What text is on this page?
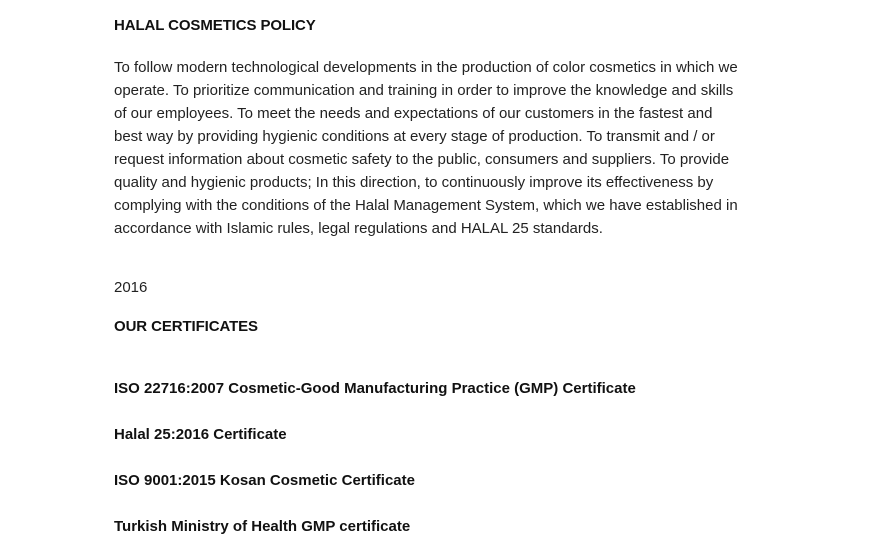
HALAL COSMETICS POLICY

To follow modern technological developments in the production of color cosmetics in which we operate. To prioritize communication and training in order to improve the knowledge and skills of our employees. To meet the needs and expectations of our customers in the fastest and best way by providing hygienic conditions at every stage of production. To transmit and / or request information about cosmetic safety to the public, consumers and suppliers. To provide quality and hygienic products; In this direction, to continuously improve its effectiveness by complying with the conditions of the Halal Management System, which we have established in accordance with Islamic rules, legal regulations and HALAL 25 standards.

2016
OUR CERTIFICATES
ISO 22716:2007 Cosmetic-Good Manufacturing Practice (GMP) Certificate
Halal 25:2016 Certificate
ISO 9001:2015 Kosan Cosmetic Certificate
Turkish Ministry of Health GMP certificate
